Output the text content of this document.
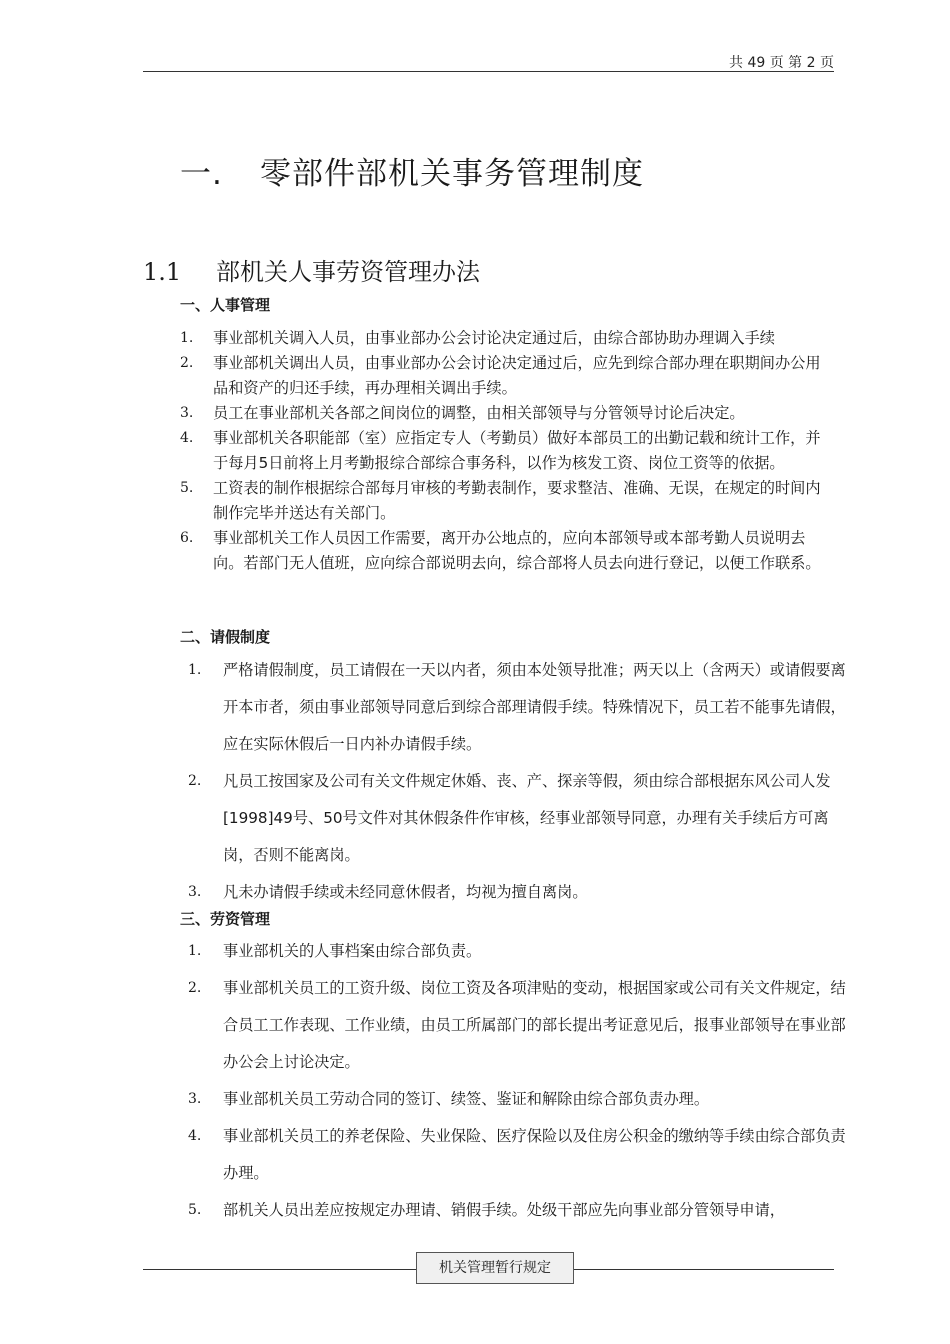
共 49 页 第 2 页
一. 零部件部机关事务管理制度
1.1 部机关人事劳资管理办法
一、人事管理
1. 事业部机关调入人员，由事业部办公会讨论决定通过后，由综合部协助办理调入手续
2. 事业部机关调出人员，由事业部办公会讨论决定通过后，应先到综合部办理在职期间办公用品和资产的归还手续，再办理相关调出手续。
3. 员工在事业部机关各部之间岗位的调整，由相关部领导与分管领导讨论后决定。
4. 事业部机关各职能部（室）应指定专人（考勤员）做好本部员工的出勤记载和统计工作，并于每月5日前将上月考勤报综合部综合事务科，以作为核发工资、岗位工资等的依据。
5. 工资表的制作根据综合部每月审核的考勤表制作，要求整洁、准确、无误，在规定的时间内制作完毕并送达有关部门。
6. 事业部机关工作人员因工作需要，离开办公地点的，应向本部领导或本部考勤人员说明去向。若部门无人值班，应向综合部说明去向，综合部将人员去向进行登记，以便工作联系。
二、请假制度
1. 严格请假制度，员工请假在一天以内者，须由本处领导批准；两天以上（含两天）或请假要离开本市者，须由事业部领导同意后到综合部理请假手续。特殊情况下，员工若不能事先请假，应在实际休假后一日内补办请假手续。
2. 凡员工按国家及公司有关文件规定休婚、丧、产、探亲等假，须由综合部根据东风公司人发[1998]49号、50号文件对其休假条件作审核，经事业部领导同意，办理有关手续后方可离岗，否则不能离岗。
3. 凡未办请假手续或未经同意休假者，均视为擅自离岗。
三、劳资管理
1. 事业部机关的人事档案由综合部负责。
2. 事业部机关员工的工资升级、岗位工资及各项津贴的变动，根据国家或公司有关文件规定，结合员工工作表现、工作业绩，由员工所属部门的部长提出考证意见后，报事业部领导在事业部办公会上讨论决定。
3. 事业部机关员工劳动合同的签订、续签、鉴证和解除由综合部负责办理。
4. 事业部机关员工的养老保险、失业保险、医疗保险以及住房公积金的缴纳等手续由综合部负责办理。
5. 部机关人员出差应按规定办理请、销假手续。处级干部应先向事业部分管领导申请，
机关管理暂行规定
